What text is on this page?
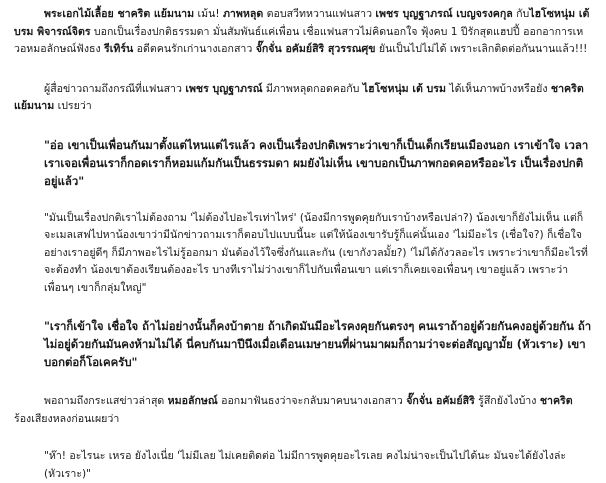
พระเอกไม้เลื้อย ชาคริต แย้มนาม เม้น! ภาพหลุด ตอบสวีทหวานแฟนสาว เพชร บุญฐาภรณ์ เบญจรงคกุล กับไฮโซหนุ่ม เต้ บรม พิจารณ์จิตร บอกเป็นเรื่องปกติธรรมดา มั่นสัมพันธ์แค่เพื่อน เชื่อแฟนสาวไม่คิดนอกใจ ฟุ้งคบ 1 ปีรักสุดแฮปปี้ ออกอาการเหวอหมอลักษณ์ฟังธง รีเทิร์น อดีตคนรักเก่านางเอกสาว จั๊กจั่น อคัมย์สิริ สุวรรณศุข ยันเป็นไปไม่ได้ เพราะเลิกติดต่อกันนานแล้ว!!!

ผู้สื่อข่าวถามถึงกรณีที่แฟนสาว เพชร บุญฐาภรณ์ มีภาพหลุดกอดคอกับ ไฮโซหนุ่ม เต้ บรม ได้เห็นภาพบ้างหรือยัง ชาคริต แย้มนาม เปรยว่า

"อ่อ เขาเป็นเพื่อนกันมาตั้งแต่ไหนแต่ไรแล้ว คงเป็นเรื่องปกติเพราะว่าเขาก็เป็นเด็กเรียนเมืองนอก เราเข้าใจ เวลาเราเจอเพื่อนเราก็กอดเราก็หอมแก้มกันเป็นธรรมดา ผมยังไม่เห็น เขาบอกเป็นภาพกอดคอหรืออะไร เป็นเรื่องปกติอยู่แล้ว"

"มันเป็นเรื่องปกติเราไม่ต้องถาม 'ไม่ต้องไปอะไรเท่าไหร่' (น้องมีการพูดคุยกับเราบ้างหรือเปล่า?) น้องเขาก็ยังไม่เห็น แต่ก็จะเมลเสฟไปหาน้องเขาว่ามีนักข่าวถามเราก็ตอบไปแบบนี้นะ แต่ให้น้องเขารับรู้ก็แค่นั้นเอง 'ไม่มีอะไร (เชื่อใจ?) ก็เชื่อใจ อย่างเราอยู่ดีๆ ก็มีภาพอะไรไม่รู้ออกมา มันต้องไว้ใจซึ่งกันและกัน (เขากังวลมั้ย?) 'ไม่ได้กังวลอะไร เพราะว่าเขาก็มีอะไรที่จะต้องทำ น้องเขาต้องเรียนต้องอะไร บางทีเราไม่ว่างเขาก็ไปกับเพื่อนเขา แต่เราก็เคยเจอเพื่อนๆ เขาอยู่แล้ว เพราะว่าเพื่อนๆ เขาก็กลุ่มใหญ่"

"เราก็เข้าใจ เชื่อใจ ถ้าไม่อย่างนั้นก็คงบ้าตาย ถ้าเกิดมันมีอะไรคงคุยกันตรงๆ คนเราถ้าอยู่ด้วยกันคงอยู่ด้วยกัน ถ้าไม่อยู่ด้วยกันมันคงห้ามไม่ได้ นี่คบกันมาปีนึงเมื่อเดือนเมษายนที่ผ่านมาผมก็ถามว่าจะต่อสัญญามั้ย (หัวเราะ) เขาบอกต่อก็โอเคครับ"

พอถามถึงกระแสข่าวล่าสุด หมอลักษณ์ ออกมาฟันธงว่าจะกลับมาคบนางเอกสาว จั๊กจั่น อคัมย์สิริ รู้สึกยังไงบ้าง ชาคริต ร้องเสียงหลงก่อนเผยว่า

"ห๊า! อะไรนะ เหรอ ยังไงเนี่ย 'ไม่มีเลย ไม่เคยติดต่อ ไม่มีการพูดคุยอะไรเลย คงไม่น่าจะเป็นไปได้นะ มันจะได้ยังไงล่ะ (หัวเราะ)"
